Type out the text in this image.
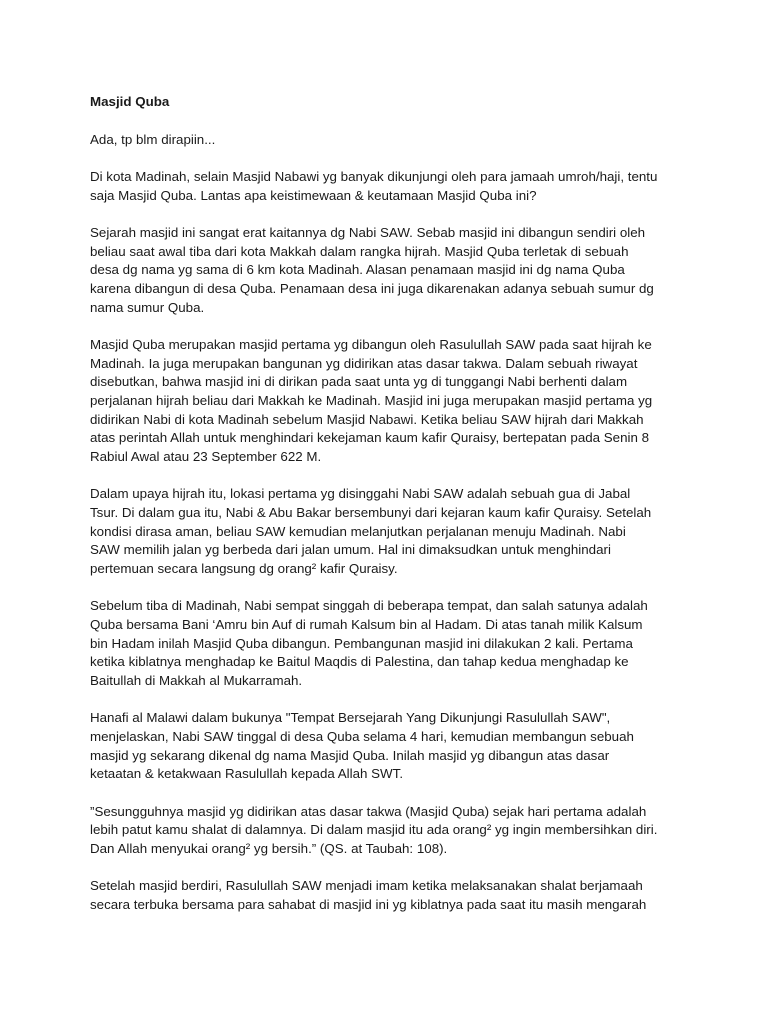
Masjid Quba
Ada, tp blm dirapiin...
Di kota Madinah, selain Masjid Nabawi yg banyak dikunjungi oleh para jamaah umroh/haji, tentu
saja Masjid Quba. Lantas apa keistimewaan & keutamaan Masjid Quba ini?
Sejarah masjid ini sangat erat kaitannya dg Nabi SAW. Sebab masjid ini dibangun sendiri oleh
beliau saat awal tiba dari kota Makkah dalam rangka hijrah. Masjid Quba terletak di sebuah
desa dg nama yg sama di 6 km kota Madinah. Alasan penamaan masjid ini dg nama Quba
karena dibangun di desa Quba. Penamaan desa ini juga dikarenakan adanya sebuah sumur dg
nama sumur Quba.
Masjid Quba merupakan masjid pertama yg dibangun oleh Rasulullah SAW pada saat hijrah ke
Madinah. Ia juga merupakan bangunan yg didirikan atas dasar takwa. Dalam sebuah riwayat
disebutkan, bahwa masjid ini di dirikan pada saat unta yg di tunggangi Nabi berhenti dalam
perjalanan hijrah beliau dari Makkah ke Madinah. Masjid ini juga merupakan masjid pertama yg
didirikan Nabi di kota Madinah sebelum Masjid Nabawi. Ketika beliau SAW hijrah dari Makkah
atas perintah Allah untuk menghindari kekejaman kaum kafir Quraisy, bertepatan pada Senin 8
Rabiul Awal atau 23 September 622 M.
Dalam upaya hijrah itu, lokasi pertama yg disinggahi Nabi SAW adalah sebuah gua di Jabal
Tsur. Di dalam gua itu, Nabi & Abu Bakar bersembunyi dari kejaran kaum kafir Quraisy. Setelah
kondisi dirasa aman, beliau SAW kemudian melanjutkan perjalanan menuju Madinah. Nabi
SAW memilih jalan yg berbeda dari jalan umum. Hal ini dimaksudkan untuk menghindari
pertemuan secara langsung dg orang² kafir Quraisy.
Sebelum tiba di Madinah, Nabi sempat singgah di beberapa tempat, dan salah satunya adalah
Quba bersama Bani ‘Amru bin Auf di rumah Kalsum bin al Hadam. Di atas tanah milik Kalsum
bin Hadam inilah Masjid Quba dibangun. Pembangunan masjid ini dilakukan 2 kali. Pertama
ketika kiblatnya menghadap ke Baitul Maqdis di Palestina, dan tahap kedua menghadap ke
Baitullah di Makkah al Mukarramah.
Hanafi al Malawi dalam bukunya "Tempat Bersejarah Yang Dikunjungi Rasulullah SAW",
menjelaskan, Nabi SAW tinggal di desa Quba selama 4 hari, kemudian membangun sebuah
masjid yg sekarang dikenal dg nama Masjid Quba. Inilah masjid yg dibangun atas dasar
ketaatan & ketakwaan Rasulullah kepada Allah SWT.
”Sesungguhnya masjid yg didirikan atas dasar takwa (Masjid Quba) sejak hari pertama adalah
lebih patut kamu shalat di dalamnya. Di dalam masjid itu ada orang² yg ingin membersihkan diri.
Dan Allah menyukai orang² yg bersih.” (QS. at Taubah: 108).
Setelah masjid berdiri, Rasulullah SAW menjadi imam ketika melaksanakan shalat berjamaah
secara terbuka bersama para sahabat di masjid ini yg kiblatnya pada saat itu masih mengarah
